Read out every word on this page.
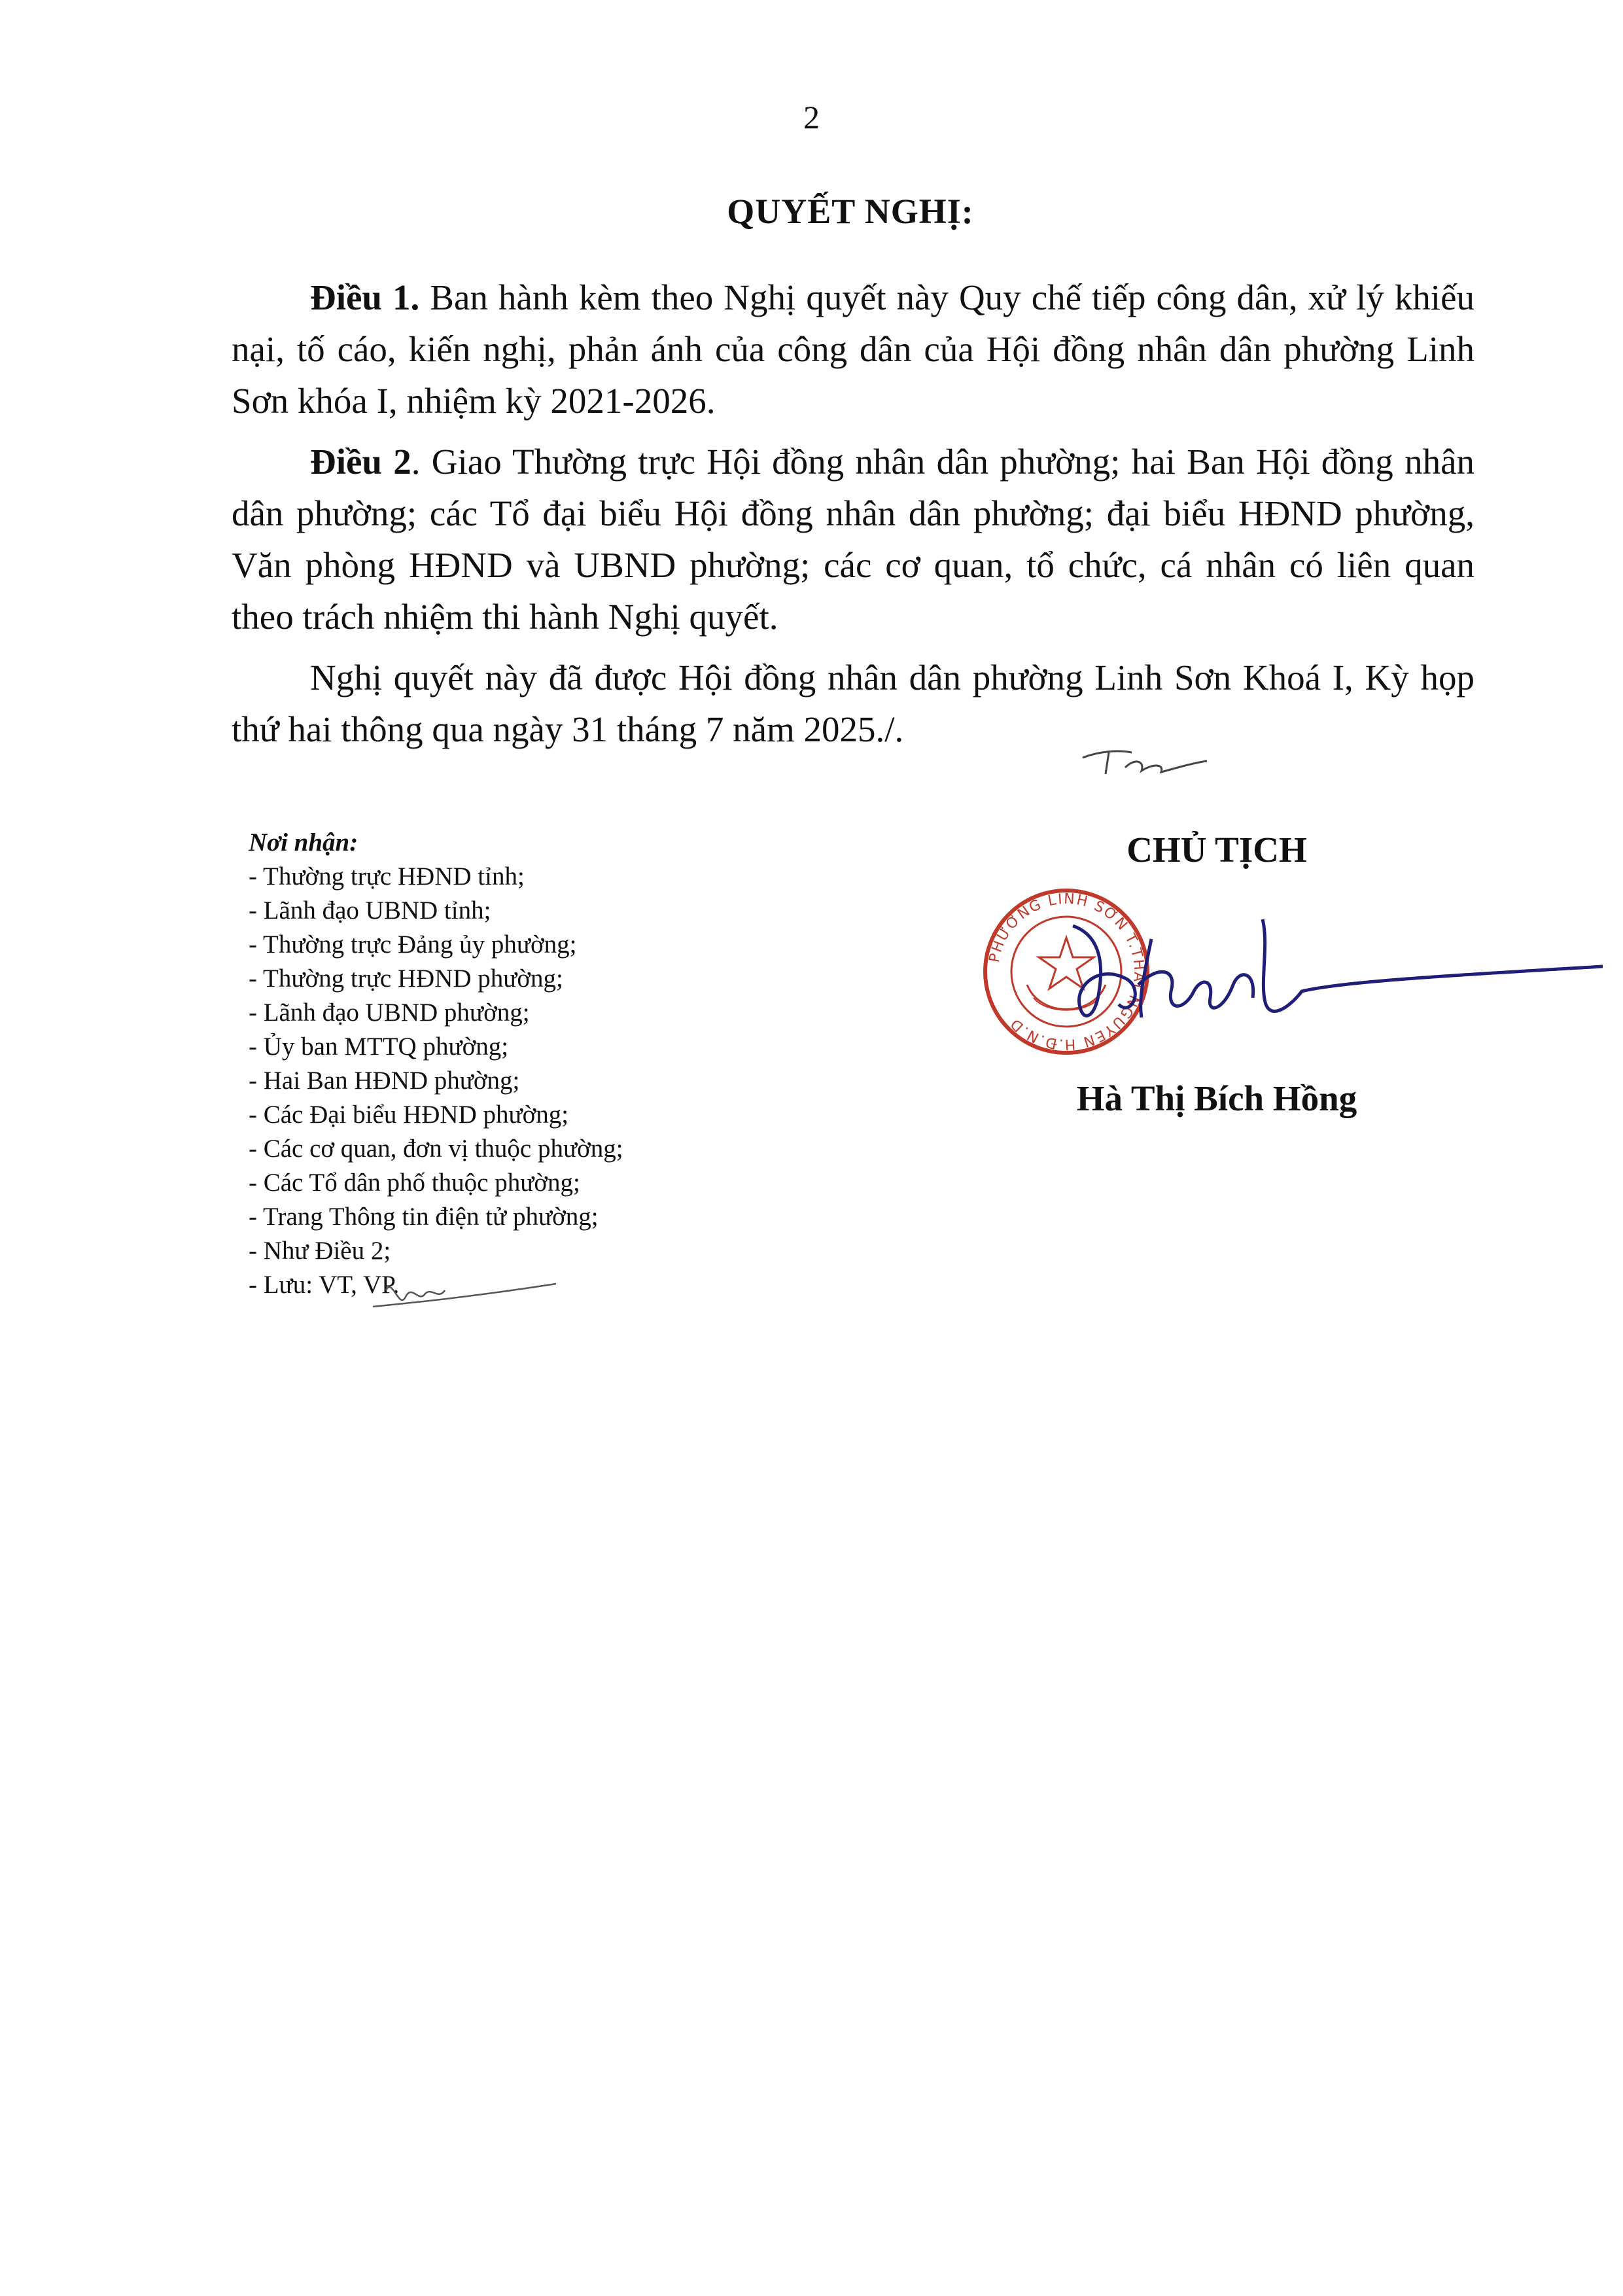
2
QUYẾT NGHỊ:

Điều 1. Ban hành kèm theo Nghị quyết này Quy chế tiếp công dân, xử lý khiếu nại, tố cáo, kiến nghị, phản ánh của công dân của Hội đồng nhân dân phường Linh Sơn khóa I, nhiệm kỳ 2021-2026.

Điều 2. Giao Thường trực Hội đồng nhân dân phường; hai Ban Hội đồng nhân dân phường; các Tổ đại biểu Hội đồng nhân dân phường; đại biểu HĐND phường, Văn phòng HĐND và UBND phường; các cơ quan, tổ chức, cá nhân có liên quan theo trách nhiệm thi hành Nghị quyết.

Nghị quyết này đã được Hội đồng nhân dân phường Linh Sơn Khoá I, Kỳ họp thứ hai thông qua ngày 31 tháng 7 năm 2025./.

Nơi nhận:
- Thường trực HĐND tỉnh;
- Lãnh đạo UBND tỉnh;
- Thường trực Đảng ủy phường;
- Thường trực HĐND phường;
- Lãnh đạo UBND phường;
- Ủy ban MTTQ phường;
- Hai Ban HĐND phường;
- Các Đại biểu HĐND phường;
- Các cơ quan, đơn vị thuộc phường;
- Các Tổ dân phố thuộc phường;
- Trang Thông tin điện tử phường;
- Như Điều 2;
- Lưu: VT, VP.
CHỦ TỊCH
PHƯỜNG LINH SƠN T.THÁI NGUYÊN H.Đ.N.D
Hà Thị Bích Hồng
